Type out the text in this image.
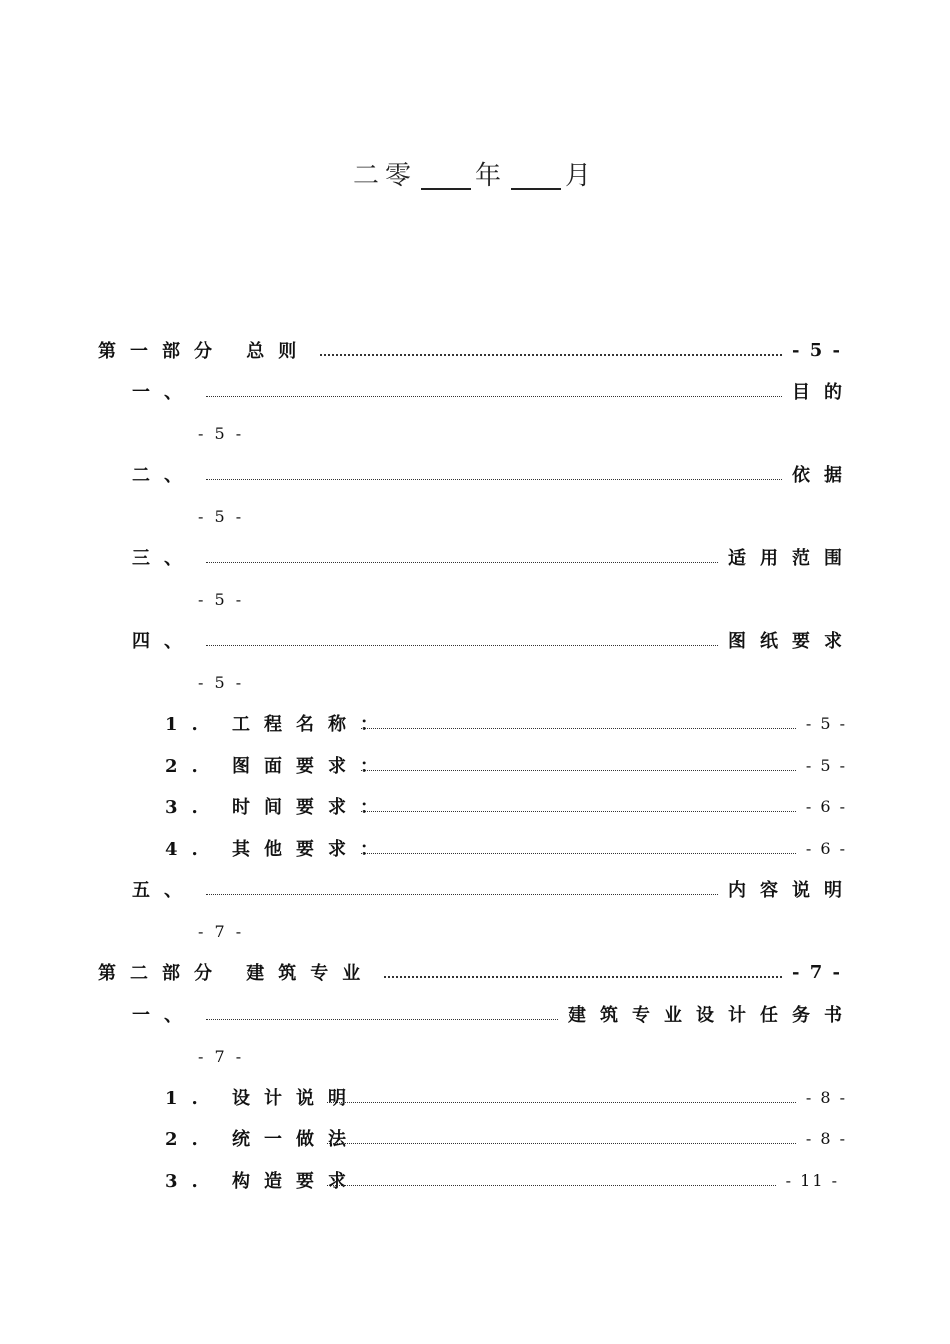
二零 年 月
第一部分 总则	- 5 -
一、	目的
- 5 -
二、	依据
- 5 -
三、	适用范围
- 5 -
四、	图纸要求
- 5 -
1. 工程名称：	- 5 -
2. 图面要求：	- 5 -
3. 时间要求：	- 6 -
4. 其他要求：	- 6 -
五、	内容说明
- 7 -
第二部分 建筑专业	- 7 -
一、	建筑专业设计任务书
- 7 -
1. 设计说明	- 8 -
2. 统一做法	- 8 -
3. 构造要求	- 11 -
